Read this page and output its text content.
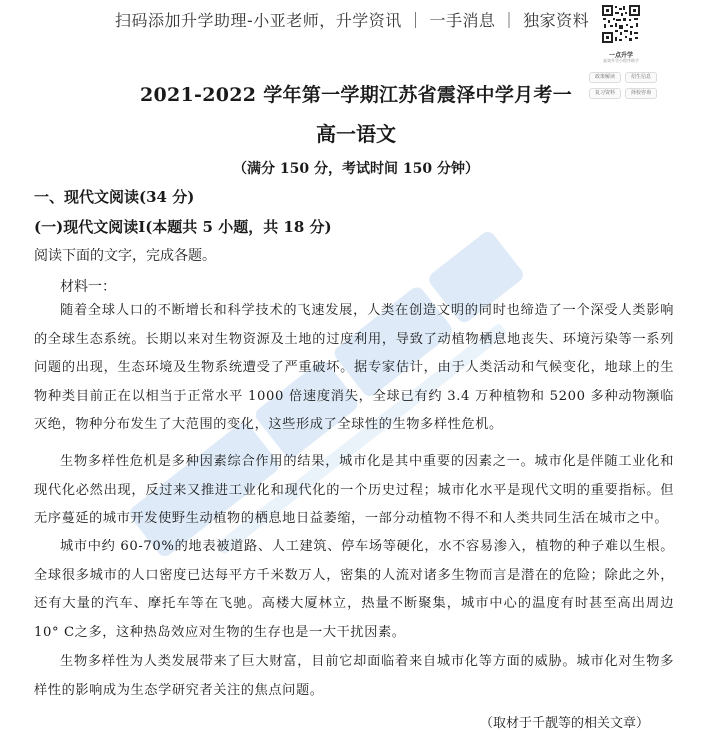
扫码添加升学助理-小亚老师，升学资讯 ｜ 一手消息 ｜ 独家资料
一点升学
高效升学小程序助手
政策解读	招生信息
复习资料	择校咨询
2021-2022 学年第一学期江苏省震泽中学月考一
高一语文
（满分 150 分，考试时间 150 分钟）
一、现代文阅读(34 分)
(一)现代文阅读Ⅰ(本题共 5 小题，共 18 分)
阅读下面的文字，完成各题。
材料一：
随着全球人口的不断增长和科学技术的飞速发展，人类在创造文明的同时也缔造了一个深受人类影响的全球生态系统。长期以来对生物资源及土地的过度利用，导致了动植物栖息地丧失、环境污染等一系列问题的出现，生态环境及生物系统遭受了严重破坏。据专家估计，由于人类活动和气候变化，地球上的生物种类目前正在以相当于正常水平 1000 倍速度消失，全球已有约 3.4 万种植物和 5200 多种动物濒临灭绝，物种分布发生了大范围的变化，这些形成了全球性的生物多样性危机。
生物多样性危机是多种因素综合作用的结果，城市化是其中重要的因素之一。城市化是伴随工业化和现代化必然出现，反过来又推进工业化和现代化的一个历史过程；城市化水平是现代文明的重要指标。但无序蔓延的城市开发使野生动植物的栖息地日益萎缩，一部分动植物不得不和人类共同生活在城市之中。
城市中约 60-70%的地表被道路、人工建筑、停车场等硬化，水不容易渗入，植物的种子难以生根。全球很多城市的人口密度已达每平方千米数万人，密集的人流对诸多生物而言是潜在的危险；除此之外，还有大量的汽车、摩托车等在飞驰。高楼大厦林立，热量不断聚集，城市中心的温度有时甚至高出周边 10° C之多，这种热岛效应对生物的生存也是一大干扰因素。
生物多样性为人类发展带来了巨大财富，目前它却面临着来自城市化等方面的威胁。城市化对生物多样性的影响成为生态学研究者关注的焦点问题。
（取材于千靓等的相关文章）
